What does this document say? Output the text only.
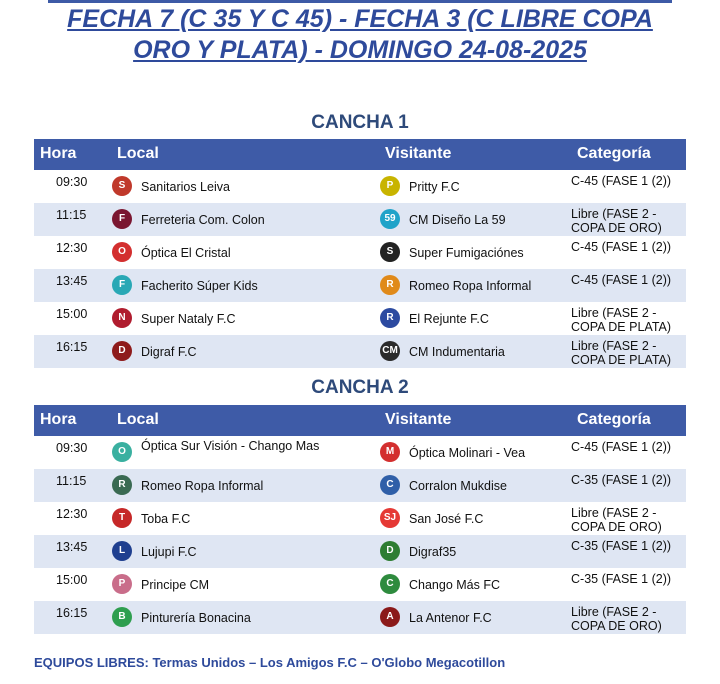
FECHA 7 (C 35 Y C 45) - FECHA 3 (C LIBRE COPA
ORO Y PLATA) - DOMINGO 24-08-2025
CANCHA 1
Hora	Local	Visitante	Categoría
09:30	S	Sanitarios Leiva	P	Pritty F.C	C-45 (FASE 1 (2))
11:15	F	Ferreteria Com. Colon	59	CM Diseño La 59	Libre (FASE 2 - COPA DE ORO)
12:30	O	Óptica El Cristal	S	Super Fumigaciónes	C-45 (FASE 1 (2))
13:45	F	Facherito Súper Kids	R	Romeo Ropa Informal	C-45 (FASE 1 (2))
15:00	N	Super Nataly F.C	R	El Rejunte F.C	Libre (FASE 2 - COPA DE PLATA)
16:15	D	Digraf F.C	CM CM Indumentaria	Libre (FASE 2 - COPA DE PLATA)
CANCHA 2
Hora	Local	Visitante	Categoría
09:30	O	Óptica Sur Visión - Chango Mas	M	Óptica Molinari - Vea	C-45 (FASE 1 (2))
11:15	R	Romeo Ropa Informal	C	Corralon Mukdise	C-35 (FASE 1 (2))
12:30	T	Toba F.C	SJ	San José F.C	Libre (FASE 2 - COPA DE ORO)
13:45	L	Lujupi F.C	D	Digraf35	C-35 (FASE 1 (2))
15:00	P	Principe CM	C	Chango Más FC	C-35 (FASE 1 (2))
16:15	B	Pinturería Bonacina	A	La Antenor F.C	Libre (FASE 2 - COPA DE ORO)
EQUIPOS LIBRES: Termas Unidos – Los Amigos F.C – O'Globo Megacotillon
